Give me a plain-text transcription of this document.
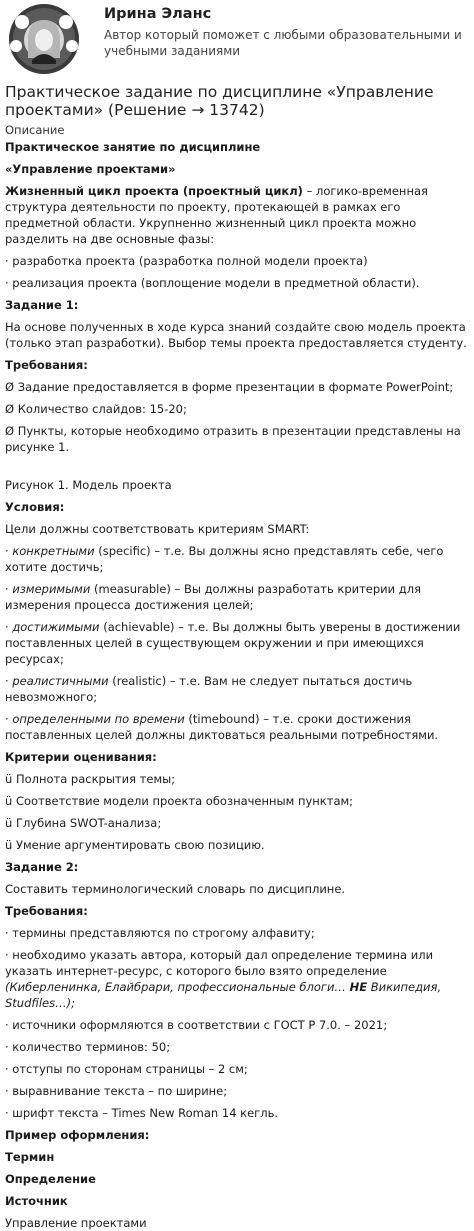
Ирина Эланс
Автор который поможет с любыми образовательными и учебными заданиями
Практическое задание по дисциплине «Управление проектами» (Решение → 13742)
Описание

Практическое занятие по дисциплине

«Управление проектами»

Жизненный цикл проекта (проектный цикл) – логико-временная структура деятельности по проекту, протекающей в рамках его предметной области. Укрупненно жизненный цикл проекта можно разделить на две основные фазы:

· разработка проекта (разработка полной модели проекта)

· реализация проекта (воплощение модели в предметной области).

Задание 1:

На основе полученных в ходе курса знаний создайте свою модель проекта (только этап разработки). Выбор темы проекта предоставляется студенту.

Требования:

Ø Задание предоставляется в форме презентации в формате PowerPoint;

Ø Количество слайдов: 15-20;

Ø Пункты, которые необходимо отразить в презентации представлены на рисунке 1.

Рисунок 1. Модель проекта

Условия:

Цели должны соответствовать критериям SMART:

· конкретными (specific) – т.е. Вы должны ясно представлять себе, чего хотите достичь;

· измеримыми (measurable) – Вы должны разработать критерии для измерения процесса достижения целей;

· достижимыми (achievable) – т.е. Вы должны быть уверены в достижении поставленных целей в существующем окружении и при имеющихся ресурсах;

· реалистичными (realistic) – т.е. Вам не следует пытаться достичь невозможного;

· определенными по времени (timebound) – т.е. сроки достижения поставленных целей должны диктоваться реальными потребностями.

Критерии оценивания:

ü Полнота раскрытия темы;

ü Соответствие модели проекта обозначенным пунктам;

ü Глубина SWOT-анализа;

ü Умение аргументировать свою позицию.

Задание 2:

Составить терминологический словарь по дисциплине.

Требования:

· термины представляются по строгому алфавиту;

· необходимо указать автора, который дал определение термина или указать интернет-ресурс, с которого было взято определение (Киберленинка, Елайбрари, профессиональные блоги… НЕ Википедия, Studfiles…);

· источники оформляются в соответствии с ГОСТ Р 7.0. – 2021;

· количество терминов: 50;

· отступы по сторонам страницы – 2 см;

· выравнивание текста – по ширине;

· шрифт текста – Times New Roman 14 кегль.

Пример оформления:

Термин

Определение

Источник

Управление проектами
